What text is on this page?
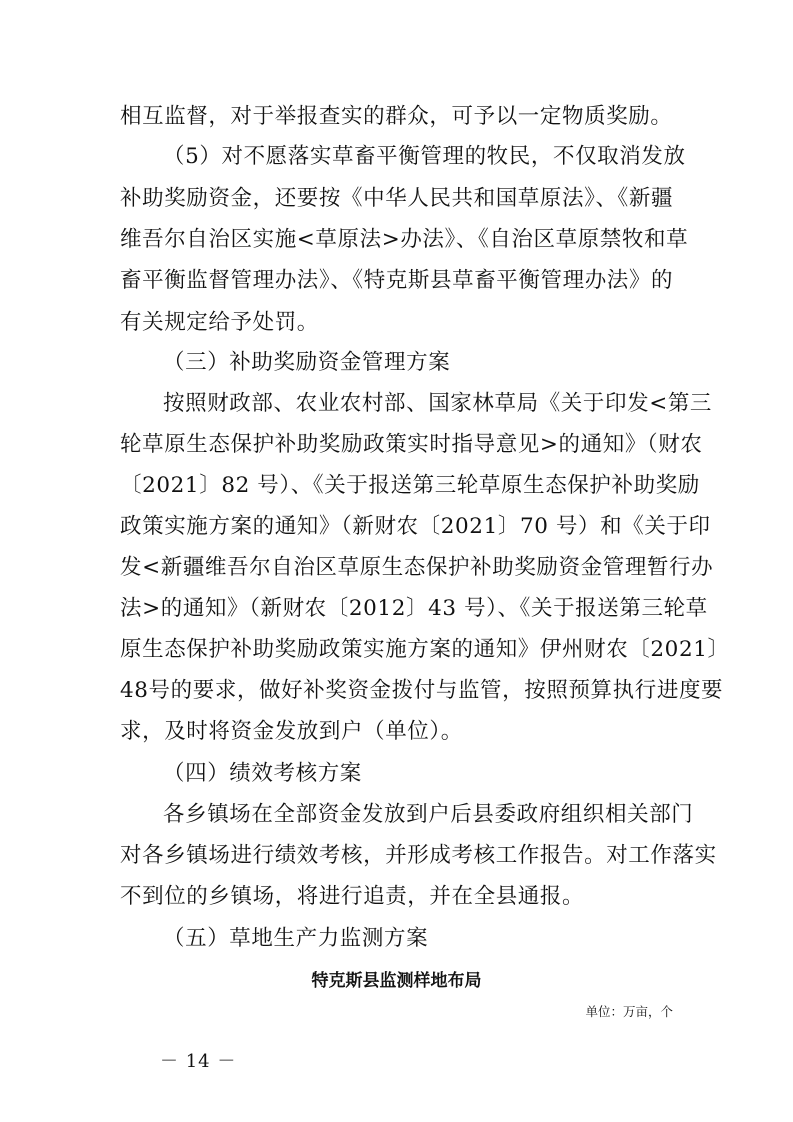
相互监督，对于举报查实的群众，可予以一定物质奖励。
（5）对不愿落实草畜平衡管理的牧民，不仅取消发放
补助奖励资金，还要按《中华人民共和国草原法》、《新疆
维吾尔自治区实施<草原法>办法》、《自治区草原禁牧和草
畜平衡监督管理办法》、《特克斯县草畜平衡管理办法》的
有关规定给予处罚。
（三）补助奖励资金管理方案
按照财政部、农业农村部、国家林草局《关于印发<第三
轮草原生态保护补助奖励政策实时指导意见>的通知》（财农
〔2021〕82 号）、《关于报送第三轮草原生态保护补助奖励
政策实施方案的通知》（新财农〔2021〕70 号）和《关于印
发<新疆维吾尔自治区草原生态保护补助奖励资金管理暂行办
法>的通知》（新财农〔2012〕43 号）、《关于报送第三轮草
原生态保护补助奖励政策实施方案的通知》伊州财农〔2021〕
48号的要求，做好补奖资金拨付与监管，按照预算执行进度要
求，及时将资金发放到户（单位）。
（四）绩效考核方案
各乡镇场在全部资金发放到户后县委政府组织相关部门
对各乡镇场进行绩效考核，并形成考核工作报告。对工作落实
不到位的乡镇场，将进行追责，并在全县通报。
（五）草地生产力监测方案
特克斯县监测样地布局
单位：万亩，个
－ 14 －
